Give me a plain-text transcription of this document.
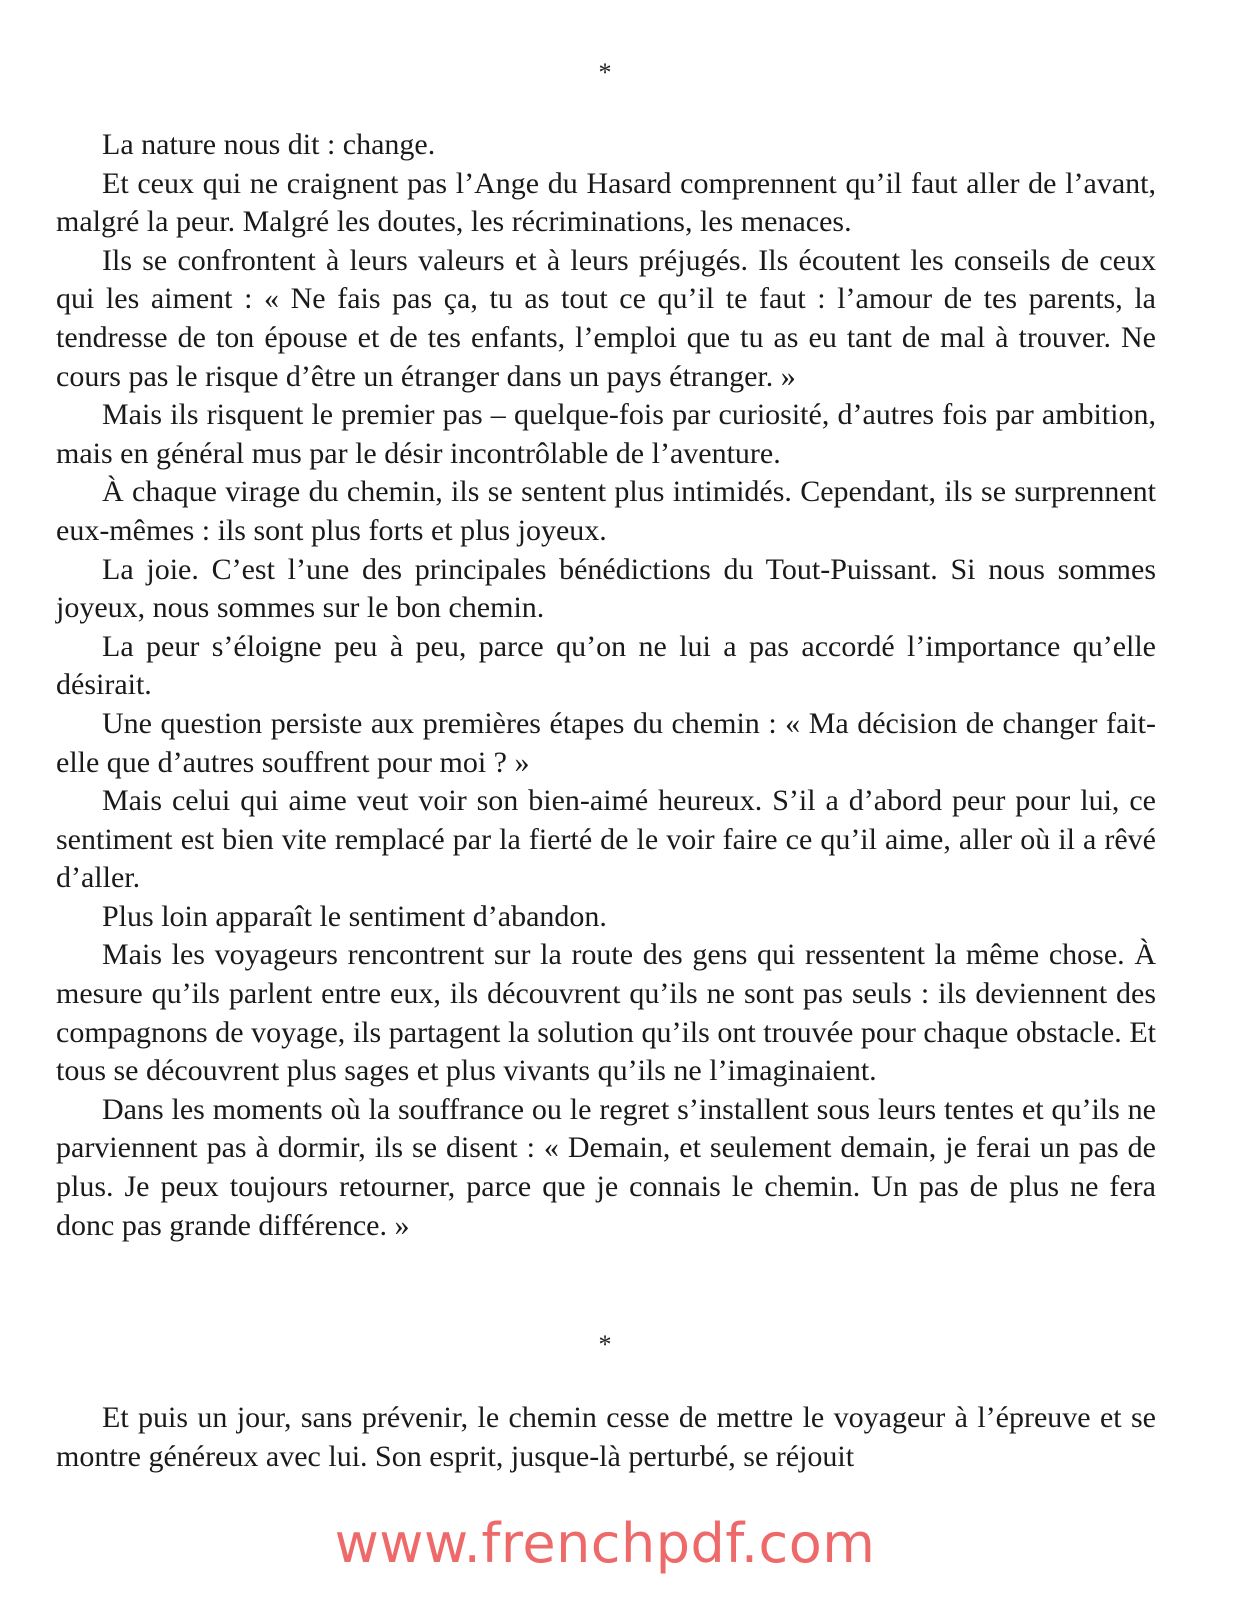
*

La nature nous dit : change.

Et ceux qui ne craignent pas l’Ange du Hasard comprennent qu’il faut aller de l’avant, malgré la peur. Malgré les doutes, les récriminations, les menaces.

Ils se confrontent à leurs valeurs et à leurs préjugés. Ils écoutent les conseils de ceux qui les aiment : « Ne fais pas ça, tu as tout ce qu’il te faut : l’amour de tes parents, la tendresse de ton épouse et de tes enfants, l’emploi que tu as eu tant de mal à trouver. Ne cours pas le risque d’être un étranger dans un pays étranger. »

Mais ils risquent le premier pas – quelque-fois par curiosité, d’autres fois par ambition, mais en général mus par le désir incontrôlable de l’aventure.

À chaque virage du chemin, ils se sentent plus intimidés. Cependant, ils se surprennent eux-mêmes : ils sont plus forts et plus joyeux.

La joie. C’est l’une des principales bénédictions du Tout-Puissant. Si nous sommes joyeux, nous sommes sur le bon chemin.

La peur s’éloigne peu à peu, parce qu’on ne lui a pas accordé l’importance qu’elle désirait.

Une question persiste aux premières étapes du chemin : « Ma décision de changer fait-elle que d’autres souffrent pour moi ? »

Mais celui qui aime veut voir son bien-aimé heureux. S’il a d’abord peur pour lui, ce sentiment est bien vite remplacé par la fierté de le voir faire ce qu’il aime, aller où il a rêvé d’aller.

Plus loin apparaît le sentiment d’abandon.

Mais les voyageurs rencontrent sur la route des gens qui ressentent la même chose. À mesure qu’ils parlent entre eux, ils découvrent qu’ils ne sont pas seuls : ils deviennent des compagnons de voyage, ils partagent la solution qu’ils ont trouvée pour chaque obstacle. Et tous se découvrent plus sages et plus vivants qu’ils ne l’imaginaient.

Dans les moments où la souffrance ou le regret s’installent sous leurs tentes et qu’ils ne parviennent pas à dormir, ils se disent : « Demain, et seulement demain, je ferai un pas de plus. Je peux toujours retourner, parce que je connais le chemin. Un pas de plus ne fera donc pas grande différence. »

*

Et puis un jour, sans prévenir, le chemin cesse de mettre le voyageur à l’épreuve et se montre généreux avec lui. Son esprit, jusque-là perturbé, se réjouit

www.frenchpdf.com
